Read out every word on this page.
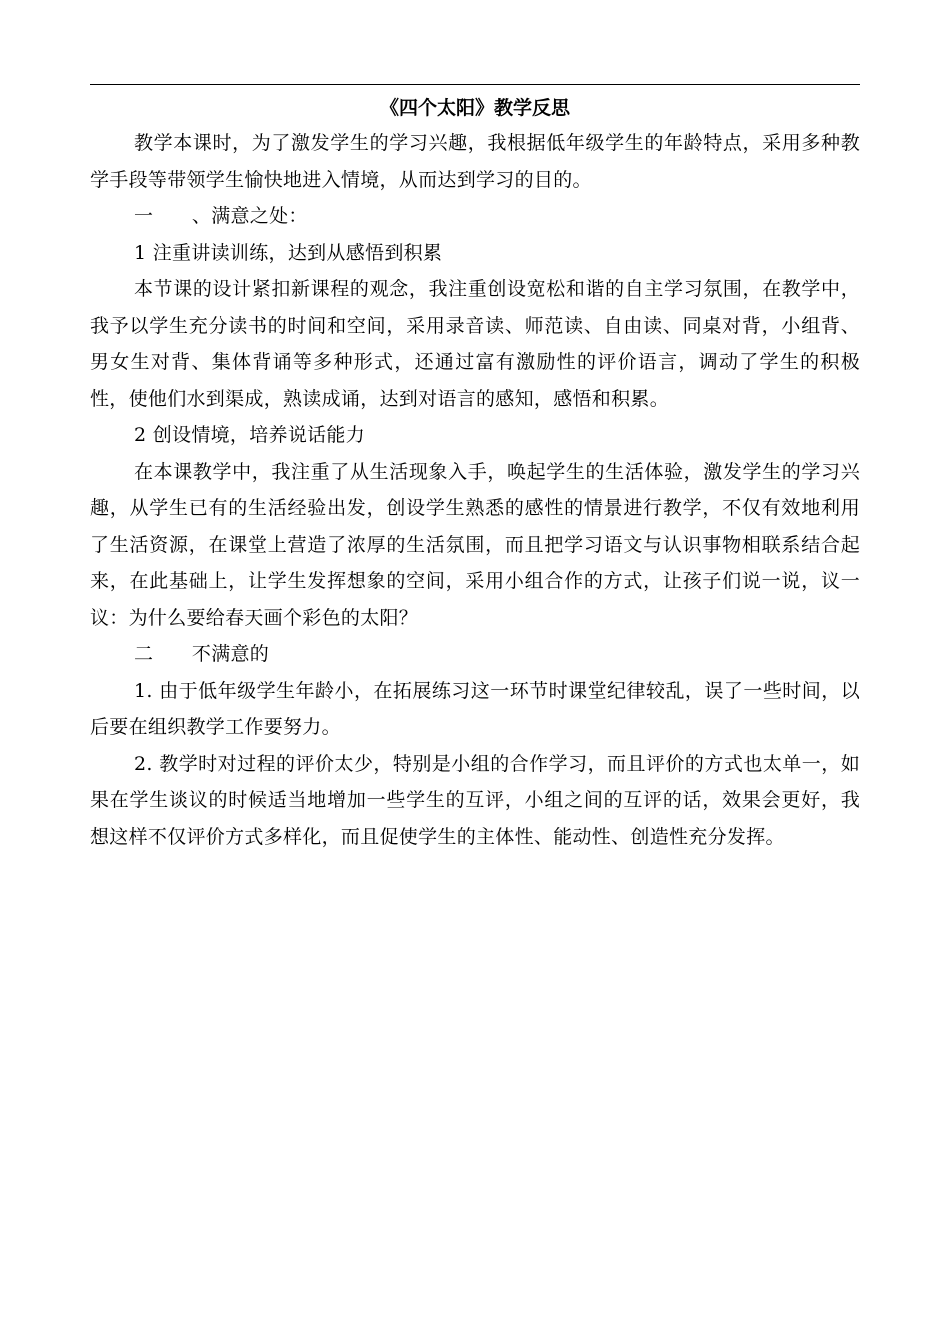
《四个太阳》教学反思

教学本课时，为了激发学生的学习兴趣，我根据低年级学生的年龄特点，采用多种教学手段等带领学生愉快地进入情境，从而达到学习的目的。

一　　、满意之处：

1 注重讲读训练，达到从感悟到积累

本节课的设计紧扣新课程的观念，我注重创设宽松和谐的自主学习氛围，在教学中，我予以学生充分读书的时间和空间，采用录音读、师范读、自由读、同桌对背，小组背、男女生对背、集体背诵等多种形式，还通过富有激励性的评价语言，调动了学生的积极性，使他们水到渠成，熟读成诵，达到对语言的感知，感悟和积累。

2 创设情境，培养说话能力

在本课教学中，我注重了从生活现象入手，唤起学生的生活体验，激发学生的学习兴趣，从学生已有的生活经验出发，创设学生熟悉的感性的情景进行教学，不仅有效地利用了生活资源，在课堂上营造了浓厚的生活氛围，而且把学习语文与认识事物相联系结合起来，在此基础上，让学生发挥想象的空间，采用小组合作的方式，让孩子们说一说，议一议：为什么要给春天画个彩色的太阳？

二　　不满意的

1. 由于低年级学生年龄小，在拓展练习这一环节时课堂纪律较乱，误了一些时间，以后要在组织教学工作要努力。

2. 教学时对过程的评价太少，特别是小组的合作学习，而且评价的方式也太单一，如果在学生谈议的时候适当地增加一些学生的互评，小组之间的互评的话，效果会更好，我想这样不仅评价方式多样化，而且促使学生的主体性、能动性、创造性充分发挥。
